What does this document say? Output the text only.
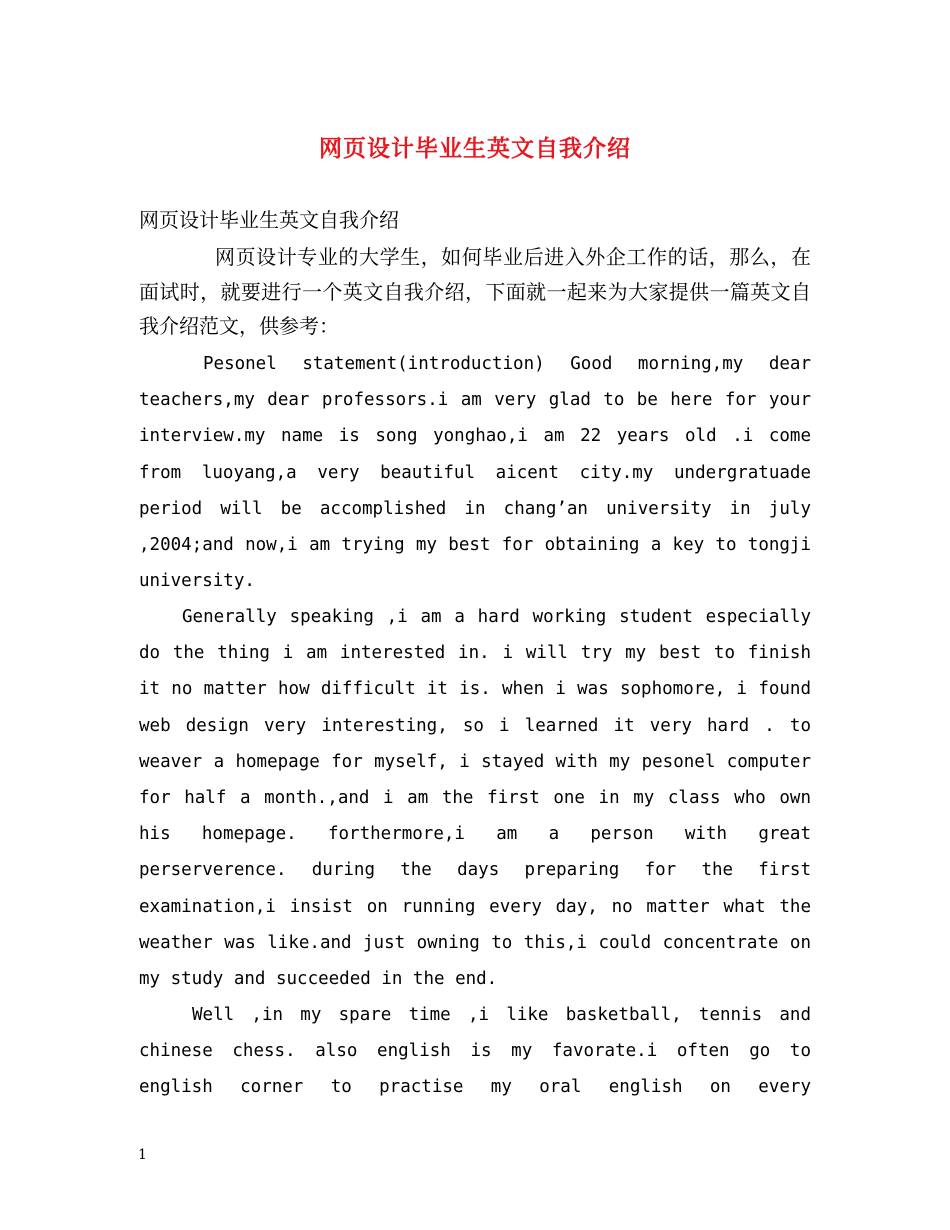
网页设计毕业生英文自我介绍
网页设计毕业生英文自我介绍
网页设计专业的大学生，如何毕业后进入外企工作的话，那么，在面试时，就要进行一个英文自我介绍，下面就一起来为大家提供一篇英文自我介绍范文，供参考：
Pesonel statement(introduction) Good morning,my dear teachers,my dear professors.i am very glad to be here for your interview.my name is song yonghao,i am 22 years old .i come from luoyang,a very beautiful aicent city.my undergratuade period will be accomplished in chang’an university in july ,2004;and now,i am trying my best for obtaining a key to tongji university.
Generally speaking ,i am a hard working student especially do the thing i am interested in. i will try my best to finish it no matter how difficult it is. when i was sophomore, i found web design very interesting, so i learned it very hard . to weaver a homepage for myself, i stayed with my pesonel computer for half a month.,and i am the first one in my class who own his homepage. forthermore,i am a person with great perserverence. during the days preparing for the first examination,i insist on running every day, no matter what the weather was like.and just owning to this,i could concentrate on my study and succeeded in the end.
Well ,in my spare time ,i like basketball, tennis and chinese chess. also english is my favorate.i often go to english corner to practise my oral english on every
1
